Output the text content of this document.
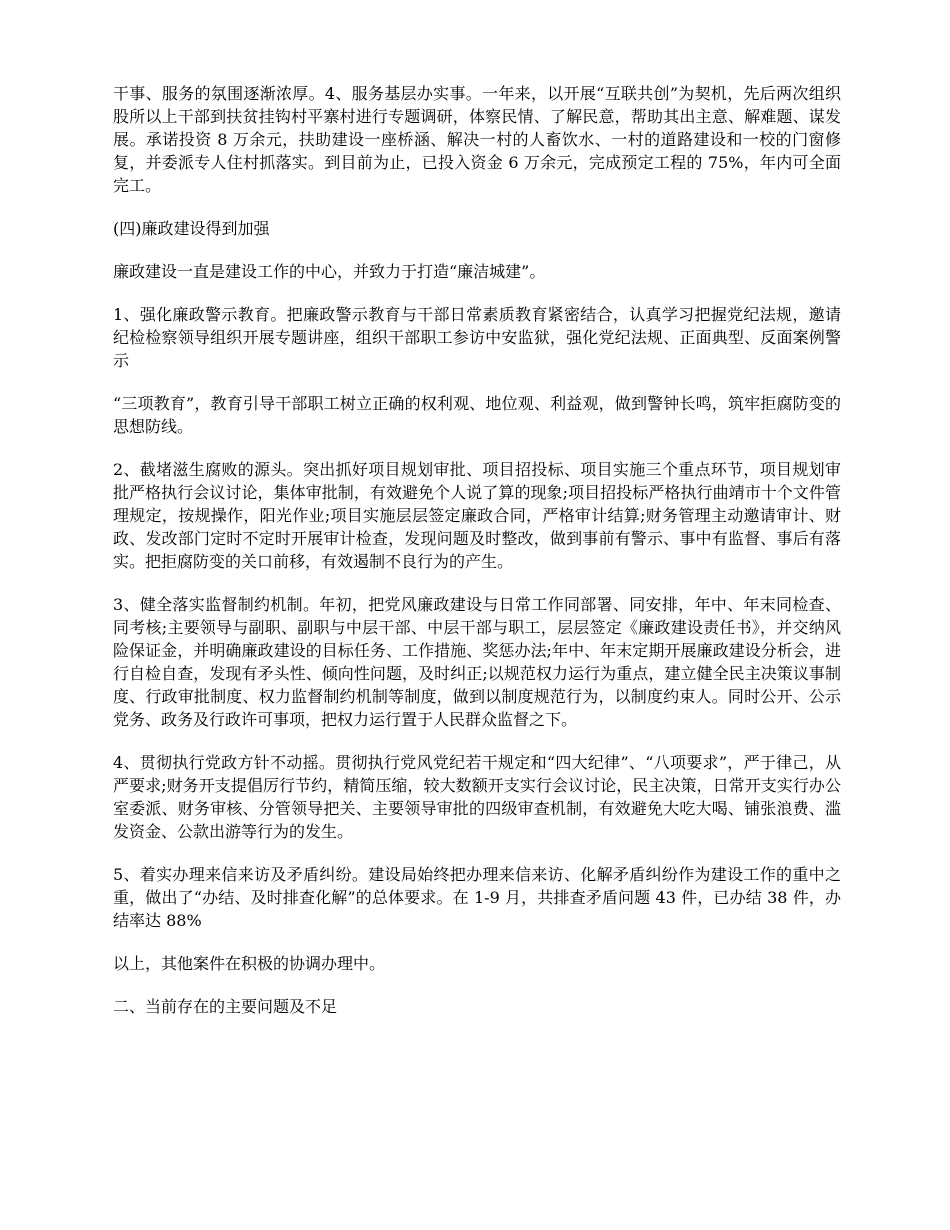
干事、服务的氛围逐渐浓厚。4、服务基层办实事。一年来，以开展“互联共创”为契机，先后两次组织股所以上干部到扶贫挂钩村平寨村进行专题调研，体察民情、了解民意，帮助其出主意、解难题、谋发展。承诺投资 8 万余元，扶助建设一座桥涵、解决一村的人畜饮水、一村的道路建设和一校的门窗修复，并委派专人住村抓落实。到目前为止，已投入资金 6 万余元，完成预定工程的 75%，年内可全面完工。

(四)廉政建设得到加强

廉政建设一直是建设工作的中心，并致力于打造“廉洁城建”。

1、强化廉政警示教育。把廉政警示教育与干部日常素质教育紧密结合，认真学习把握党纪法规，邀请纪检检察领导组织开展专题讲座，组织干部职工参访中安监狱，强化党纪法规、正面典型、反面案例警示

“三项教育”，教育引导干部职工树立正确的权利观、地位观、利益观，做到警钟长鸣，筑牢拒腐防变的思想防线。

2、截堵滋生腐败的源头。突出抓好项目规划审批、项目招投标、项目实施三个重点环节，项目规划审批严格执行会议讨论，集体审批制，有效避免个人说了算的现象;项目招投标严格执行曲靖市十个文件管理规定，按规操作，阳光作业;项目实施层层签定廉政合同，严格审计结算;财务管理主动邀请审计、财政、发改部门定时不定时开展审计检查，发现问题及时整改，做到事前有警示、事中有监督、事后有落实。把拒腐防变的关口前移，有效遏制不良行为的产生。

3、健全落实监督制约机制。年初，把党风廉政建设与日常工作同部署、同安排，年中、年末同检查、同考核;主要领导与副职、副职与中层干部、中层干部与职工，层层签定《廉政建设责任书》，并交纳风险保证金，并明确廉政建设的目标任务、工作措施、奖惩办法;年中、年末定期开展廉政建设分析会，进行自检自查，发现有矛头性、倾向性问题，及时纠正;以规范权力运行为重点，建立健全民主决策议事制度、行政审批制度、权力监督制约机制等制度，做到以制度规范行为，以制度约束人。同时公开、公示党务、政务及行政许可事项，把权力运行置于人民群众监督之下。

4、贯彻执行党政方针不动摇。贯彻执行党风党纪若干规定和“四大纪律”、“八项要求”，严于律己，从严要求;财务开支提倡厉行节约，精简压缩，较大数额开支实行会议讨论，民主决策，日常开支实行办公室委派、财务审核、分管领导把关、主要领导审批的四级审查机制，有效避免大吃大喝、铺张浪费、滥发资金、公款出游等行为的发生。

5、着实办理来信来访及矛盾纠纷。建设局始终把办理来信来访、化解矛盾纠纷作为建设工作的重中之重，做出了“办结、及时排查化解”的总体要求。在 1-9 月，共排查矛盾问题 43 件，已办结 38 件，办结率达 88%

以上，其他案件在积极的协调办理中。

二、当前存在的主要问题及不足
